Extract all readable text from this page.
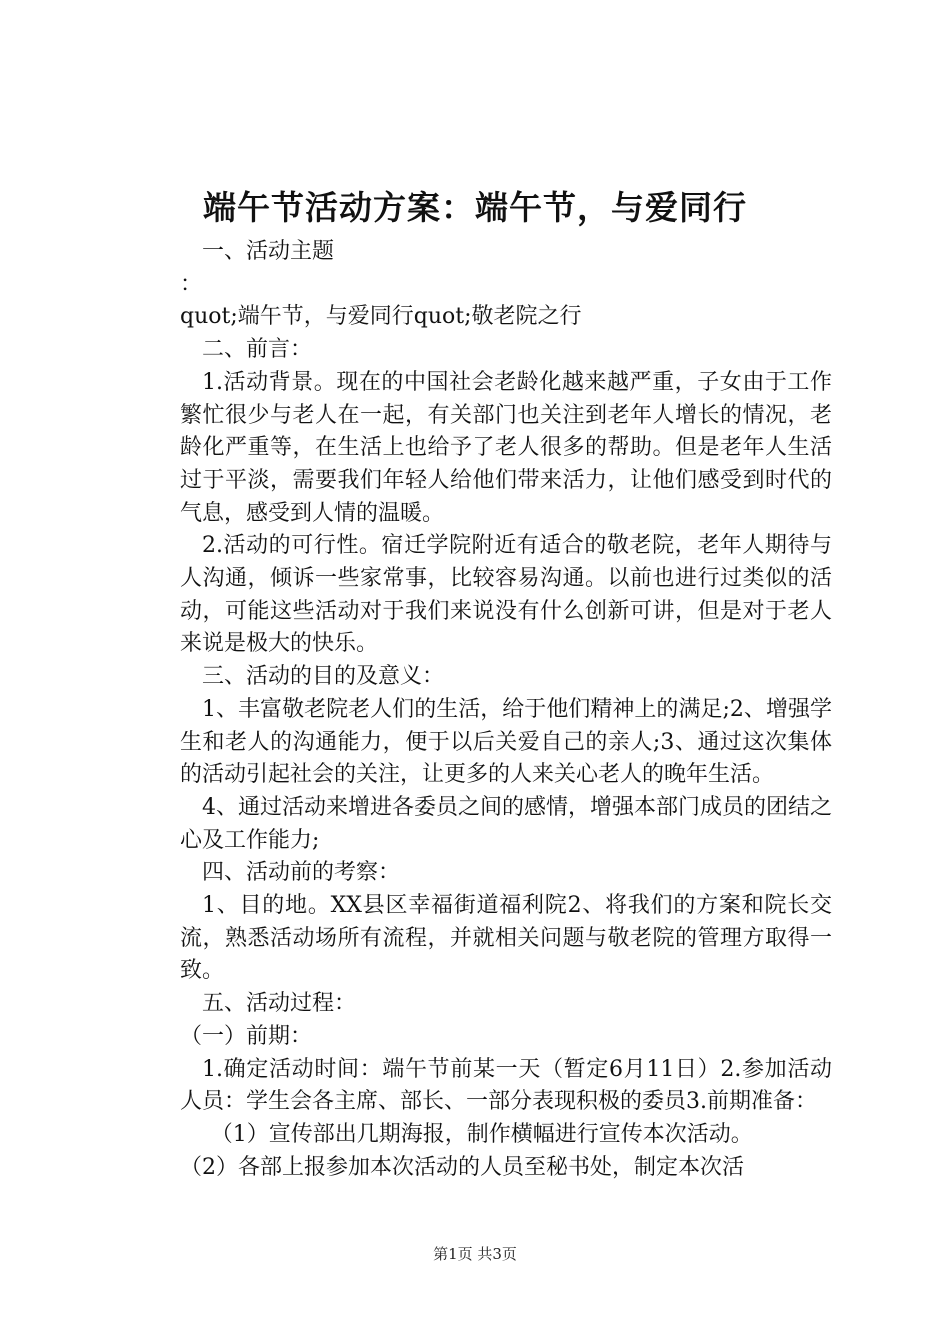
端午节活动方案：端午节，与爱同行

一、活动主题

：

quot;端午节，与爱同行quot;敬老院之行

二、前言：

1.活动背景。现在的中国社会老龄化越来越严重，子女由于工作繁忙很少与老人在一起，有关部门也关注到老年人增长的情况，老龄化严重等，在生活上也给予了老人很多的帮助。但是老年人生活过于平淡，需要我们年轻人给他们带来活力，让他们感受到时代的气息，感受到人情的温暖。

2.活动的可行性。宿迁学院附近有适合的敬老院，老年人期待与人沟通，倾诉一些家常事，比较容易沟通。以前也进行过类似的活动，可能这些活动对于我们来说没有什么创新可讲，但是对于老人来说是极大的快乐。

三、活动的目的及意义：

1、丰富敬老院老人们的生活，给于他们精神上的满足;2、增强学生和老人的沟通能力，便于以后关爱自己的亲人;3、通过这次集体的活动引起社会的关注，让更多的人来关心老人的晚年生活。

4、通过活动来增进各委员之间的感情，增强本部门成员的团结之心及工作能力;

四、活动前的考察：

1、目的地。XX县区幸福街道福利院2、将我们的方案和院长交流，熟悉活动场所有流程，并就相关问题与敬老院的管理方取得一致。

五、活动过程：

（一）前期：

1.确定活动时间：端午节前某一天（暂定6月11日）2.参加活动人员：学生会各主席、部长、一部分表现积极的委员3.前期准备：

（1）宣传部出几期海报，制作横幅进行宣传本次活动。

（2）各部上报参加本次活动的人员至秘书处，制定本次活

第1页 共3页
